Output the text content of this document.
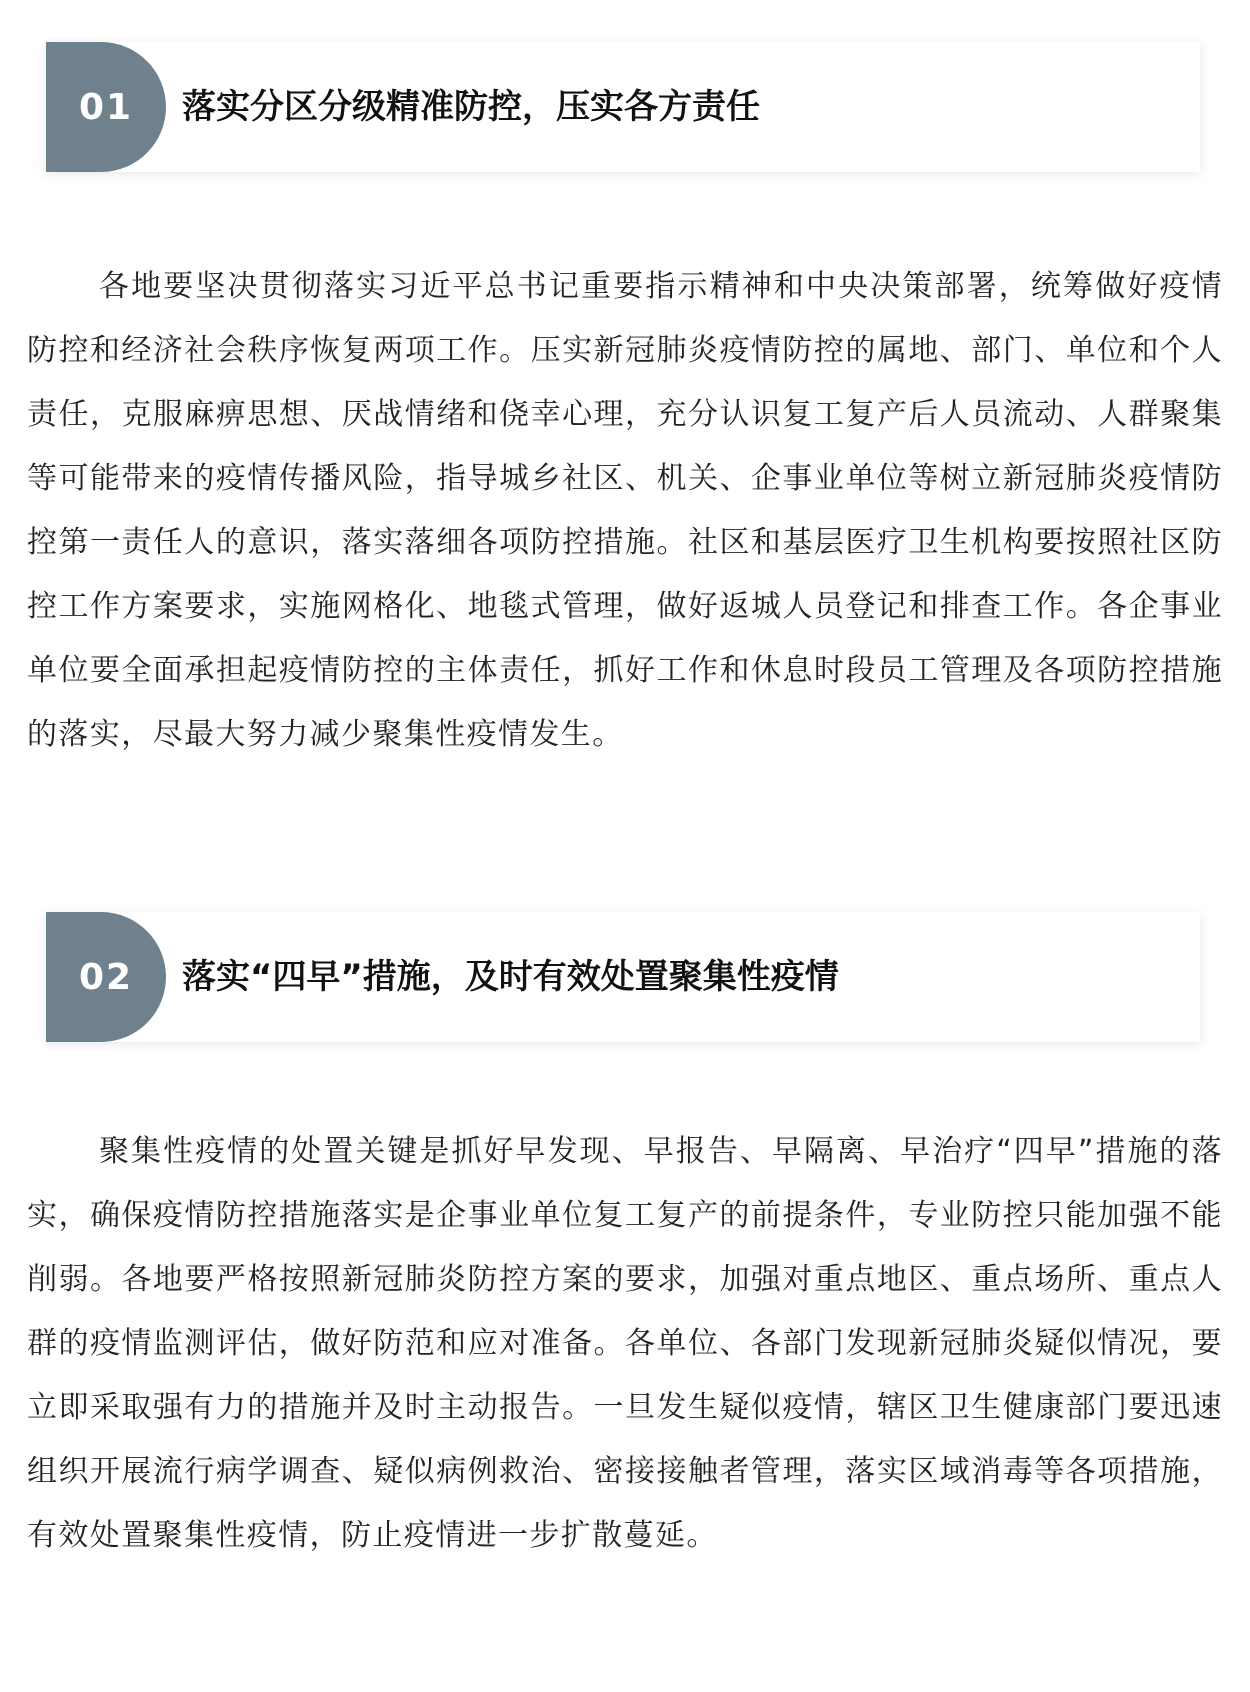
01	落实分区分级精准防控，压实各方责任

各地要坚决贯彻落实习近平总书记重要指示精神和中央决策部署，统筹做好疫情防控和经济社会秩序恢复两项工作。压实新冠肺炎疫情防控的属地、部门、单位和个人责任，克服麻痹思想、厌战情绪和侥幸心理，充分认识复工复产后人员流动、人群聚集等可能带来的疫情传播风险，指导城乡社区、机关、企事业单位等树立新冠肺炎疫情防控第一责任人的意识，落实落细各项防控措施。社区和基层医疗卫生机构要按照社区防控工作方案要求，实施网格化、地毯式管理，做好返城人员登记和排查工作。各企事业单位要全面承担起疫情防控的主体责任，抓好工作和休息时段员工管理及各项防控措施的落实，尽最大努力减少聚集性疫情发生。

02	落实“四早”措施，及时有效处置聚集性疫情

聚集性疫情的处置关键是抓好早发现、早报告、早隔离、早治疗“四早”措施的落实，确保疫情防控措施落实是企事业单位复工复产的前提条件，专业防控只能加强不能削弱。各地要严格按照新冠肺炎防控方案的要求，加强对重点地区、重点场所、重点人群的疫情监测评估，做好防范和应对准备。各单位、各部门发现新冠肺炎疑似情况，要立即采取强有力的措施并及时主动报告。一旦发生疑似疫情，辖区卫生健康部门要迅速组织开展流行病学调查、疑似病例救治、密接接触者管理，落实区域消毒等各项措施，有效处置聚集性疫情，防止疫情进一步扩散蔓延。
